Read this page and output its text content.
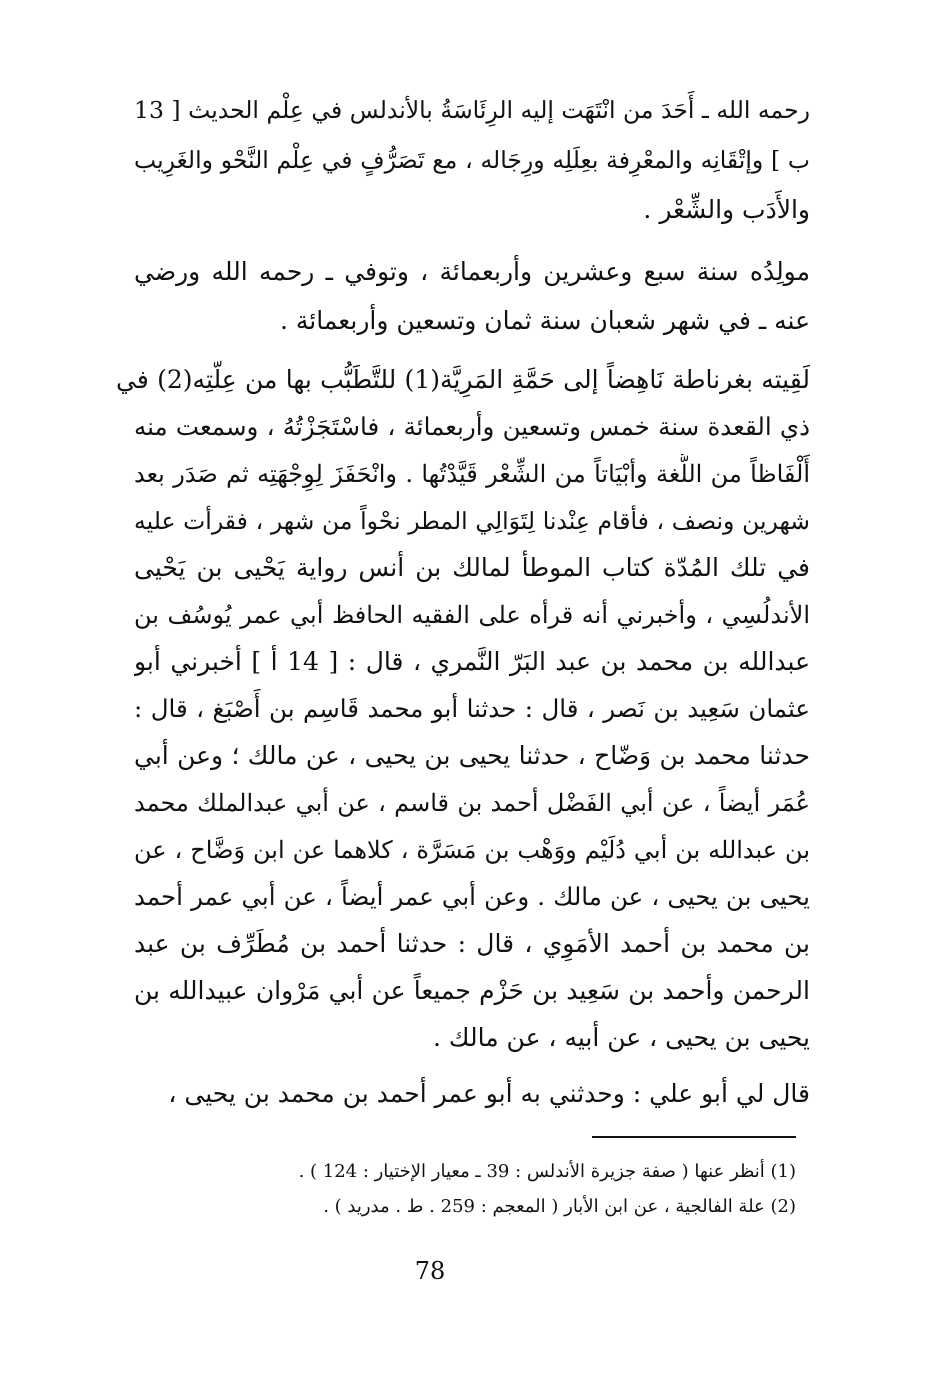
رحمه الله ـ أَحَدَ من انْتَهَت إليه الرِئَاسَةُ بالأندلس في عِلْم الحديث [ 13
ب ] وإتْقَانِه والمعْرِفة بعِلَلِه ورِجَاله ، مع تَصَرُّفٍ في عِلْم النَّحْو والغَرِيب
والأَدَب والشِّعْر .
مولِدُه سنة سبع وعشرين وأربعمائة ، وتوفي ـ رحمه الله ورضي
عنه ـ في شهر شعبان سنة ثمان وتسعين وأربعمائة .
لَقِيته بغرناطة نَاهِضاً إلى حَمَّةِ المَرِيَّة(1) للتَّطَبُّب بها من عِلَّتِه(2) في
ذي القعدة سنة خمس وتسعين وأربعمائة ، فاسْتَجَزْتُهُ ، وسمعت منه
أَلْفَاظاً من اللُّغة وأبْيَاتاً من الشِّعْر قَيَّدْتُها . وانْحَفَزَ لِوِجْهَتِه ثم صَدَر بعد
شهرين ونصف ، فأقام عِنْدنا لِتَوَالِي المطر نحْواً من شهر ، فقرأت عليه
في تلك المُدّة كتاب الموطأ لمالك بن أنس رواية يَحْيى بن يَحْيى
الأندلُسِي ، وأخبرني أنه قرأه على الفقيه الحافظ أبي عمر يُوسُف بن
عبدالله بن محمد بن عبد البَرّ النَّمري ، قال : [ 14 أ ] أخبرني أبو
عثمان سَعِيد بن نَصر ، قال : حدثنا أبو محمد قَاسِم بن أَصْبَغ ، قال :
حدثنا محمد بن وَضّاح ، حدثنا يحيى بن يحيى ، عن مالك ؛ وعن أبي
عُمَر أيضاً ، عن أبي الفَضْل أحمد بن قاسم ، عن أبي عبدالملك محمد
بن عبدالله بن أبي دُلَيْم ووَهْب بن مَسَرَّة ، كلاهما عن ابن وَضَّاح ، عن
يحيى بن يحيى ، عن مالك . وعن أبي عمر أيضاً ، عن أبي عمر أحمد
بن محمد بن أحمد الأمَوِي ، قال : حدثنا أحمد بن مُطَرِّف بن عبد
الرحمن وأحمد بن سَعِيد بن حَزْم جميعاً عن أبي مَرْوان عبيدالله بن
يحيى بن يحيى ، عن أبيه ، عن مالك .
قال لي أبو علي : وحدثني به أبو عمر أحمد بن محمد بن يحيى ،
(1) أنظر عنها ( صفة جزيرة الأندلس : 39 ـ معيار الإختيار : 124 ) .
(2) علة الفالجية ، عن ابن الأبار ( المعجم : 259 . ط . مدريد ) .
78
